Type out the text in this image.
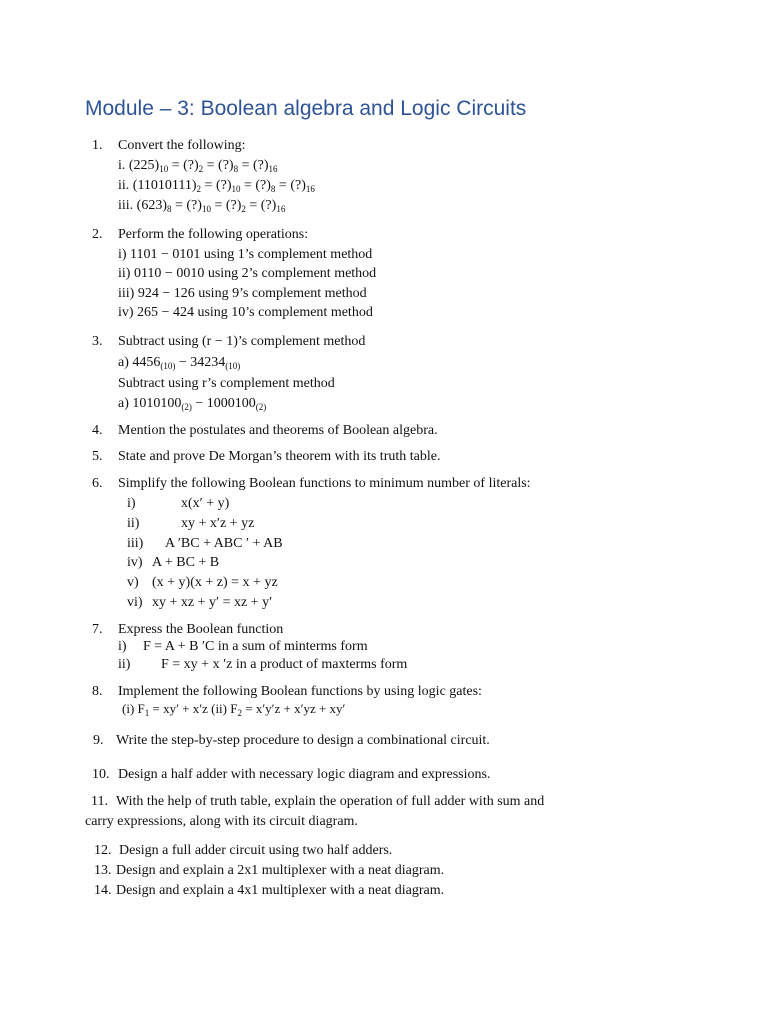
Module – 3: Boolean algebra and Logic Circuits
1. Convert the following:
i. $(225)_{10}$ = $(?)_2$ = $(?)_8$ = $(?)_{16}$
ii. $(11010111)_2$ = $(?)_{10}$ = $(?)_8$ = $(?)_{16}$
iii. $(623)_8$ = $(?)_{10}$ = $(?)_2$ = $(?)_{16}$
2. Perform the following operations:
i) 1101 − 0101 using 1’s complement method
ii) 0110 − 0010 using 2’s complement method
iii) 924 − 126 using 9’s complement method
iv) 265 − 424 using 10’s complement method
3. Subtract using (r − 1)’s complement method
a) $4456_{(10)} - 34234_{(10)}$
Subtract using r’s complement method
a) $1010100_{(2)} - 1000100_{(2)}$
4. Mention the postulates and theorems of Boolean algebra.
5. State and prove De Morgan’s theorem with its truth table.
6. Simplify the following Boolean functions to minimum number of literals:
i)	x(x′ + y)
ii)	xy + x′z + yz
iii) A ′BC + ABC ′ + AB
iv) A + BC + B
v) (x + y)(x + z) = x + yz
vi) xy + xz + y′ = xz + y′
7. Express the Boolean function
i) F = A + B ′C in a sum of minterms form
ii) F = xy + x ′z in a product of maxterms form
8. Implement the following Boolean functions by using logic gates:
(i) $F_1 = xy' + x'z$ (ii) $F_2 = x'y'z + x'yz + xy'$
9. Write the step-by-step procedure to design a combinational circuit.
10. Design a half adder with necessary logic diagram and expressions.
11. With the help of truth table, explain the operation of full adder with sum and
carry expressions, along with its circuit diagram.
12. Design a full adder circuit using two half adders.
13. Design and explain a 2x1 multiplexer with a neat diagram.
14. Design and explain a 4x1 multiplexer with a neat diagram.
